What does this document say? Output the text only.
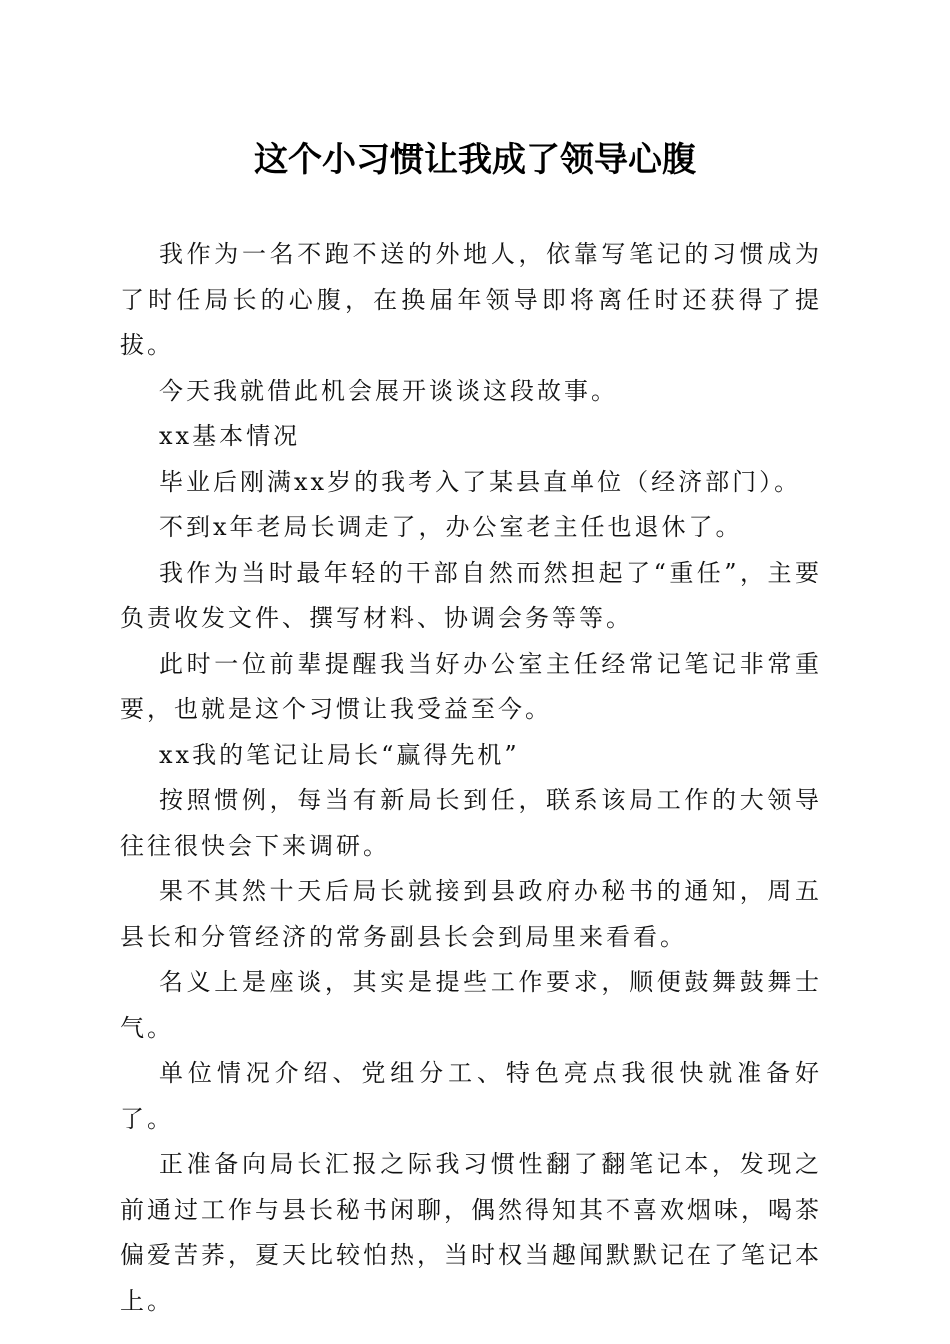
这个小习惯让我成了领导心腹

我作为一名不跑不送的外地人，依靠写笔记的习惯成为了时任局长的心腹，在换届年领导即将离任时还获得了提拔。

今天我就借此机会展开谈谈这段故事。

xx基本情况

毕业后刚满xx岁的我考入了某县直单位（经济部门）。

不到x年老局长调走了，办公室老主任也退休了。

我作为当时最年轻的干部自然而然担起了“重任”，主要负责收发文件、撰写材料、协调会务等等。

此时一位前辈提醒我当好办公室主任经常记笔记非常重要，也就是这个习惯让我受益至今。

xx我的笔记让局长“赢得先机”

按照惯例，每当有新局长到任，联系该局工作的大领导往往很快会下来调研。

果不其然十天后局长就接到县政府办秘书的通知，周五县长和分管经济的常务副县长会到局里来看看。

名义上是座谈，其实是提些工作要求，顺便鼓舞鼓舞士气。

单位情况介绍、党组分工、特色亮点我很快就准备好了。

正准备向局长汇报之际我习惯性翻了翻笔记本，发现之前通过工作与县长秘书闲聊，偶然得知其不喜欢烟味，喝茶偏爱苦荞，夏天比较怕热，当时权当趣闻默默记在了笔记本上。
